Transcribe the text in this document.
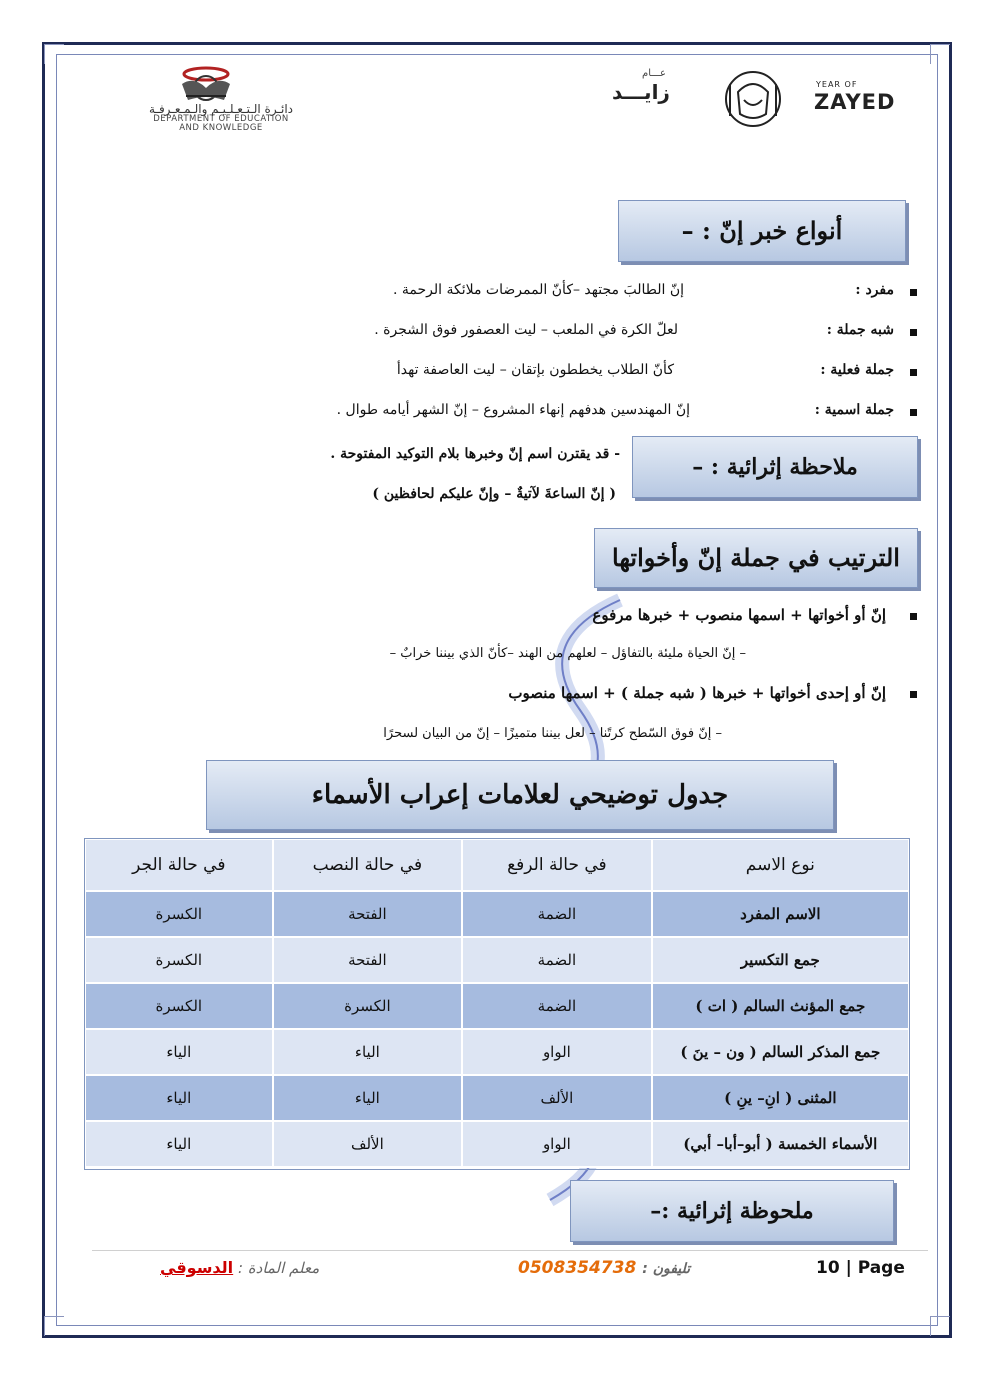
دائـرة الـتـعـلـيـم والـمـعـرفـة
DEPARTMENT OF EDUCATION
AND KNOWLEDGE
عـــام
زايـــد	YEAR OF
ZAYED
أنواع خبر إنّ : –
مفرد :
إنّ الطالبَ مجتهد –كأنّ الممرضات ملائكة الرحمة .
شبه جملة :
لعلّ الكرة في الملعب – ليت العصفور فوق الشجرة .
جملة فعلية :
كأنّ الطلاب يخططون بإتقان – ليت العاصفة تهدأ
جملة اسمية :
إنّ المهندسين هدفهم إنهاء المشروع – إنّ الشهر أيامه طوال .
ملاحظة إثرائية : –
- قد يقترن اسم إنّ وخبرها بلام التوكيد المفتوحة .
( إنّ الساعةَ لآتيةٌ – وإنّ عليكم لحافظين )
الترتيب في جملة إنّ وأخواتها
إنّ أو أخواتها + اسمها منصوب + خبرها مرفوع
– إنّ الحياة مليئة بالتفاؤل – لعلهم من الهند –كأنّ الذي بيننا خرابٌ –
إنّ أو إحدى أخواتها + خبرها ( شبه جملة ) + اسمها منصوب
– إنّ فوق السّطح كرتًنا – لعل بيننا متميزًا – إنّ من البيان لسحرًا
جدول توضيحي لعلامات إعراب الأسماء
نوع الاسم	في حالة الرفع	في حالة النصب	في حالة الجر
الاسم المفرد	الضمة	الفتحة	الكسرة
جمع التكسير	الضمة	الفتحة	الكسرة
جمع المؤنث السالم ( ات )	الضمة	الكسرة	الكسرة
جمع المذكر السالم ( ون – ينَ )	الواو	الياء	الياء
المثنى ( انِ– ينِ )	الألف	الياء	الياء
الأسماء الخمسة ( أبو–أبا– أبي)	الواو	الألف	الياء
ملحوظة إثرائية :–
10 | Page
تليفون : 0508354738
معلم المادة : الدسوقي
